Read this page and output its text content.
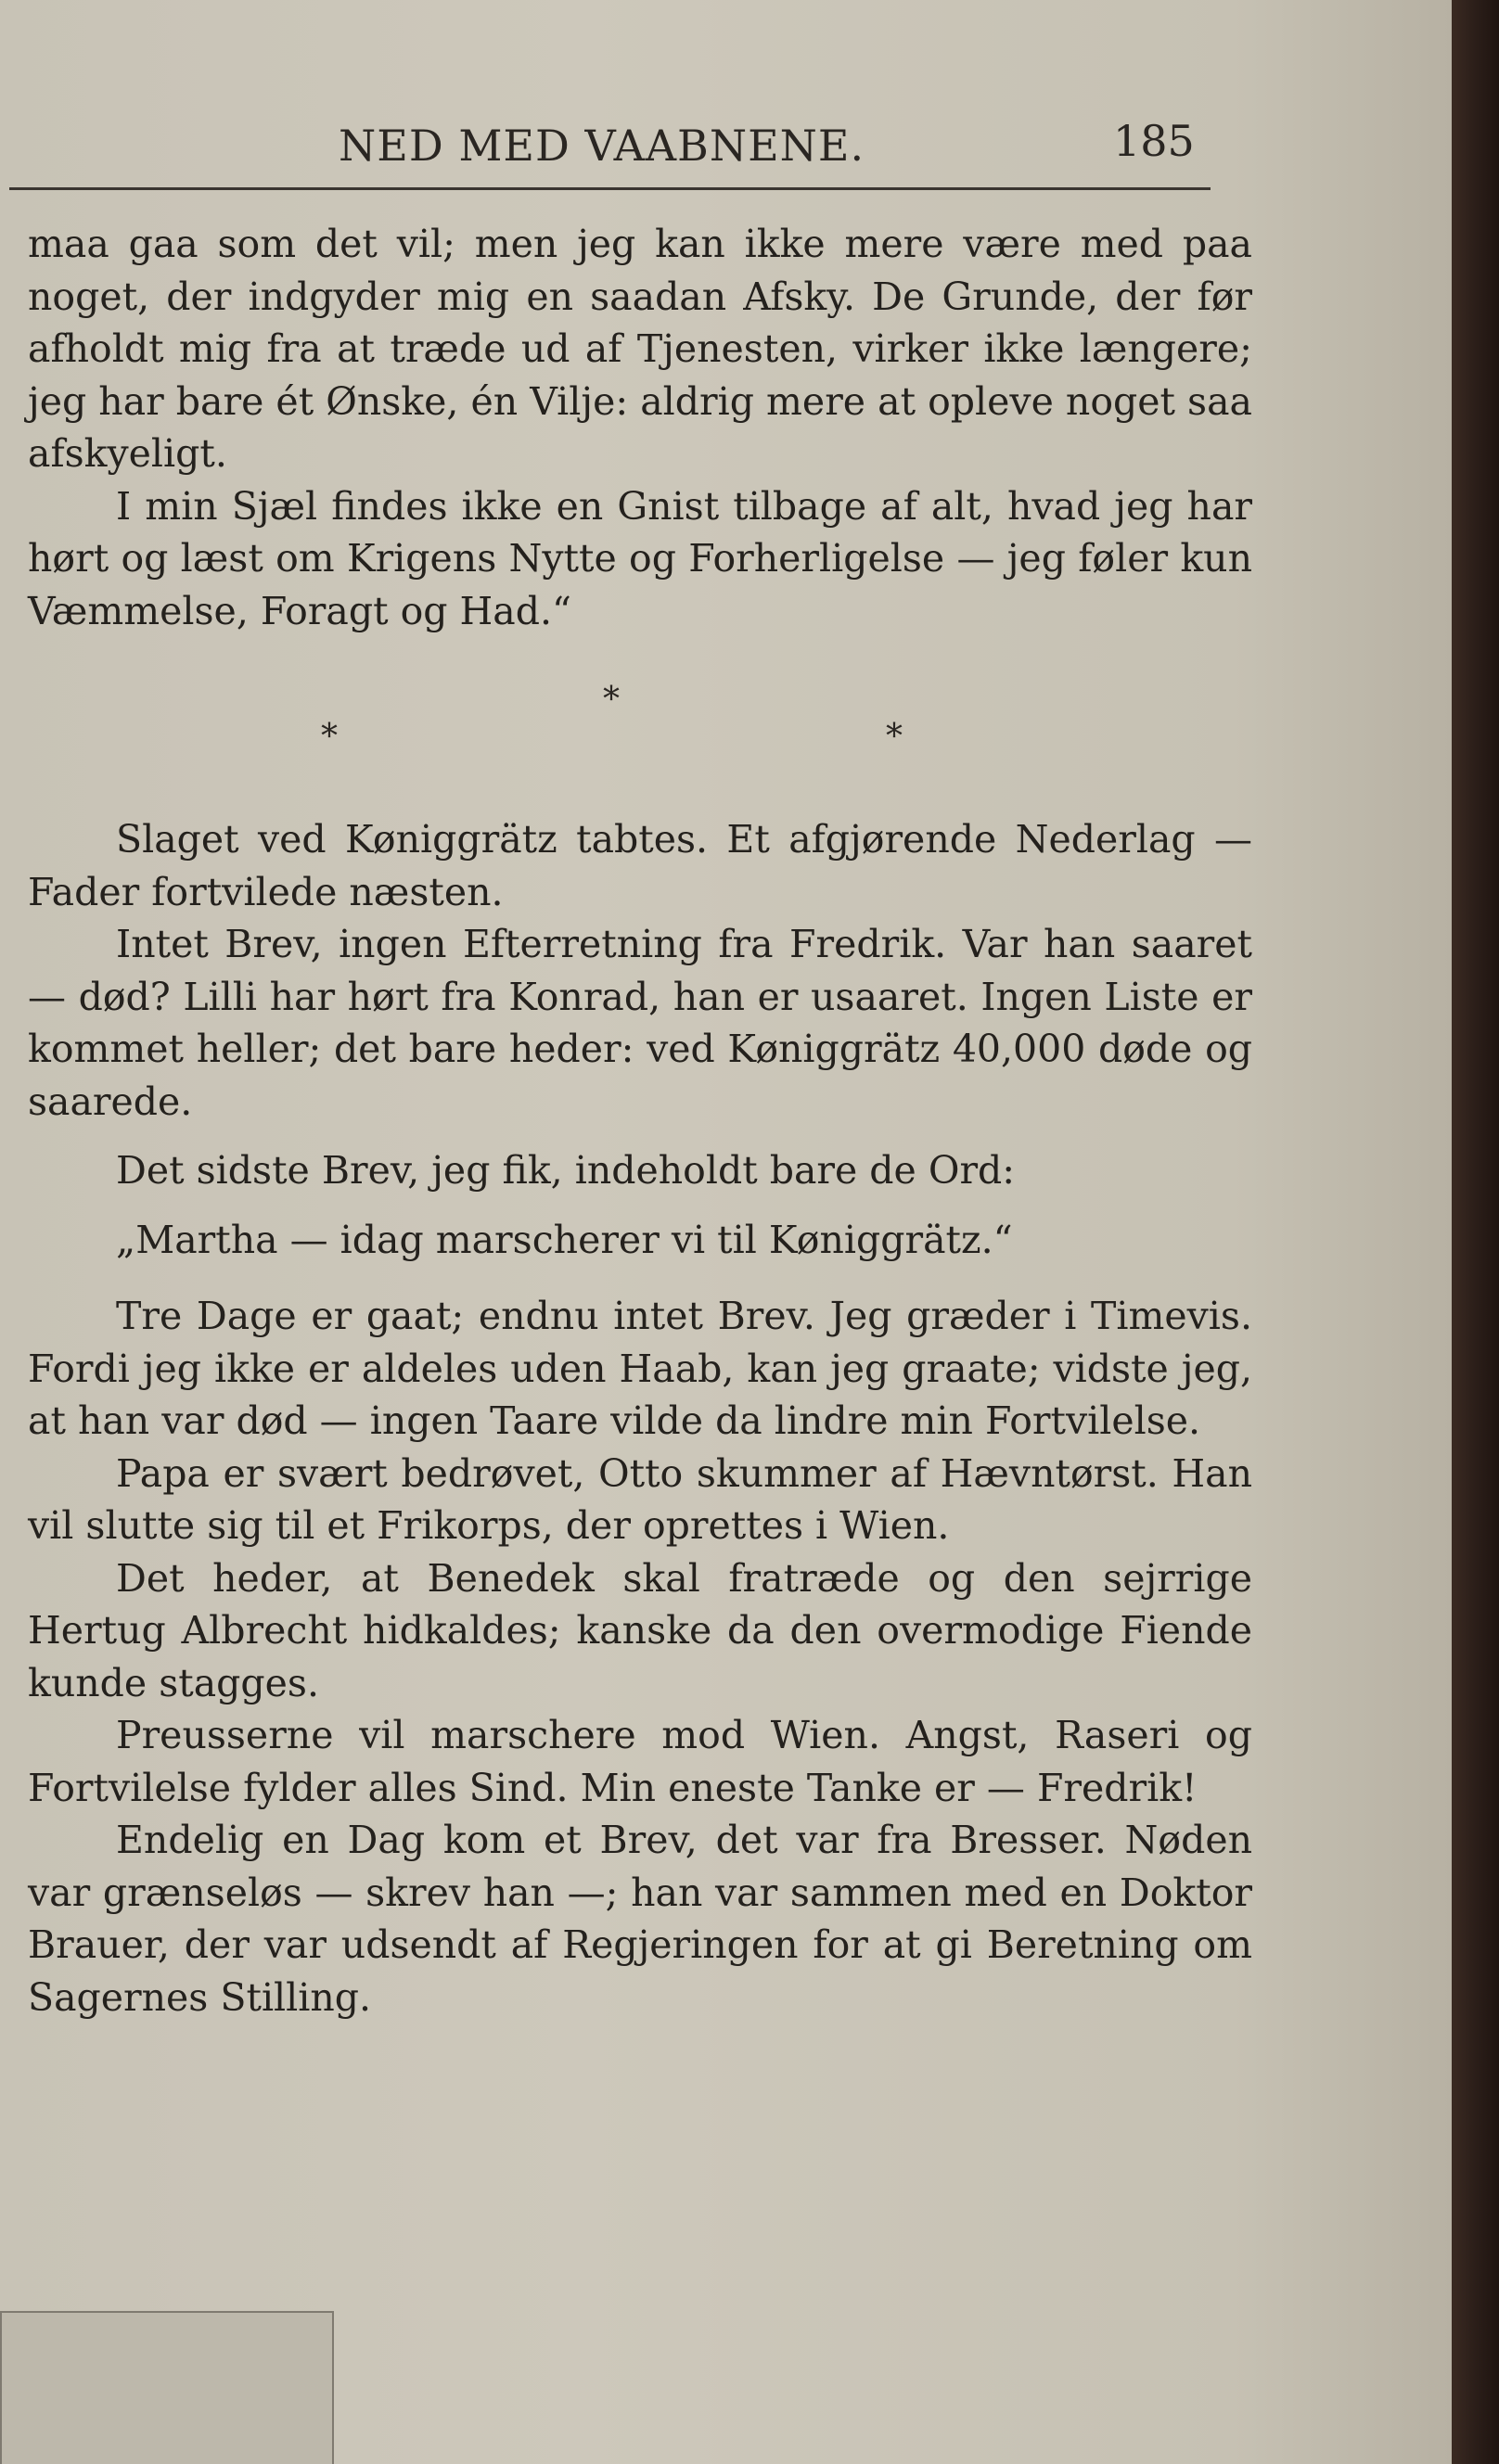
NED MED VAABNENE.	185

maa gaa som det vil; men jeg kan ikke mere være med paa noget, der indgyder mig en saadan Afsky. De Grunde, der før afholdt mig fra at træde ud af Tjenesten, virker ikke længere; jeg har bare ét Ønske, én Vilje: aldrig mere at opleve noget saa afskyeligt.

I min Sjæl findes ikke en Gnist tilbage af alt, hvad jeg har hørt og læst om Krigens Nytte og Forherligelse — jeg føler kun Væmmelse, Foragt og Had.“

*
*	*

Slaget ved Køniggrätz tabtes. Et afgjørende Nederlag — Fader fortvilede næsten.

Intet Brev, ingen Efterretning fra Fredrik. Var han saaret — død? Lilli har hørt fra Konrad, han er usaaret. Ingen Liste er kommet heller; det bare heder: ved Køniggrätz 40,000 døde og saarede.

Det sidste Brev, jeg fik, indeholdt bare de Ord:

„Martha — idag marscherer vi til Køniggrätz.“

Tre Dage er gaat; endnu intet Brev. Jeg græder i Timevis. Fordi jeg ikke er aldeles uden Haab, kan jeg graate; vidste jeg, at han var død — ingen Taare vilde da lindre min Fortvilelse.

Papa er svært bedrøvet, Otto skummer af Hævntørst. Han vil slutte sig til et Frikorps, der oprettes i Wien.

Det heder, at Benedek skal fratræde og den sejrrige Hertug Albrecht hidkaldes; kanske da den overmodige Fiende kunde stagges.

Preusserne vil marschere mod Wien. Angst, Raseri og Fortvilelse fylder alles Sind. Min eneste Tanke er — Fredrik!

Endelig en Dag kom et Brev, det var fra Bresser. Nøden var grænseløs — skrev han —; han var sammen med en Doktor Brauer, der var udsendt af Regjeringen for at gi Beretning om Sagernes Stilling.
